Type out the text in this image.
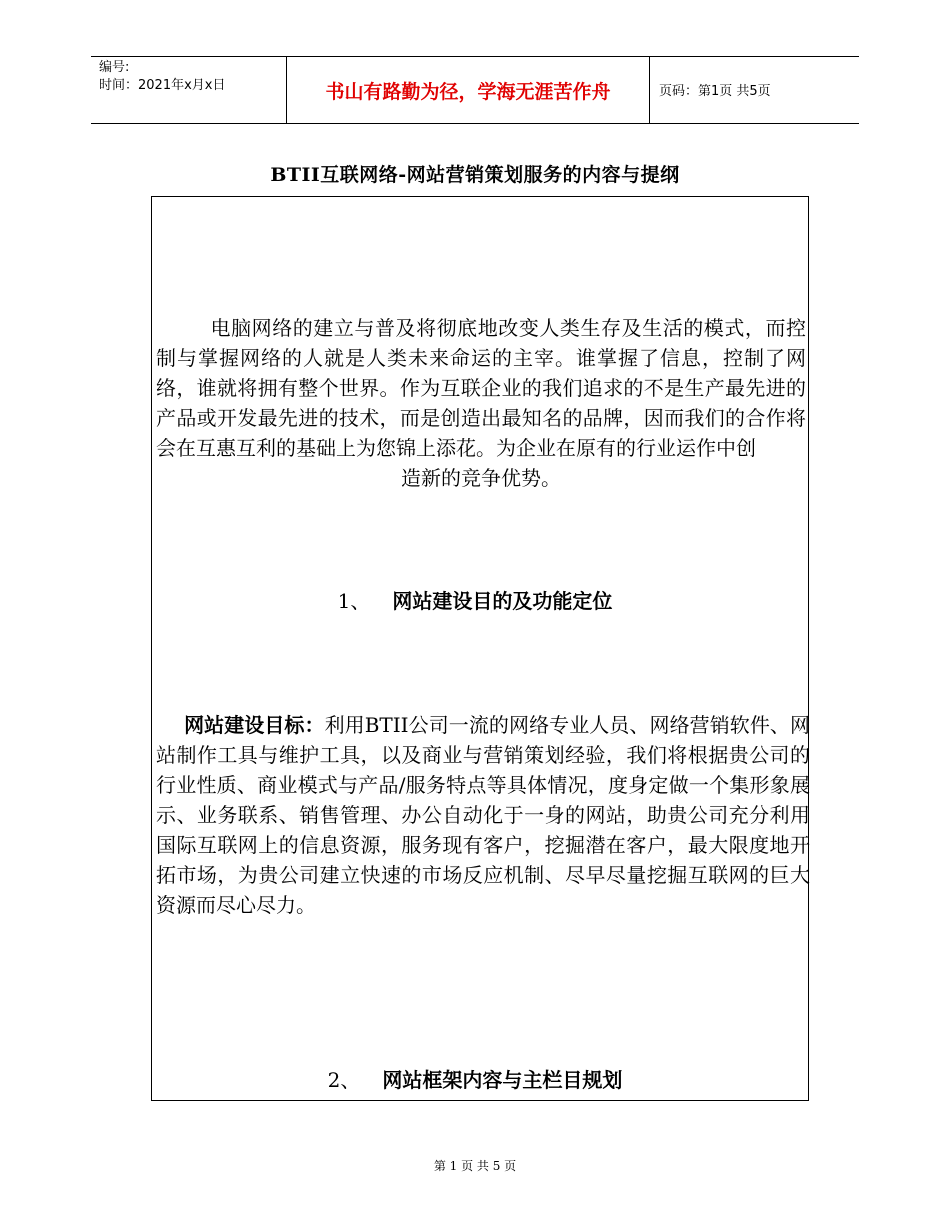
编号:
时间：2021年x月x日	书山有路勤为径，学海无涯苦作舟	页码：第1页 共5页
BTII互联网络-网站营销策划服务的内容与提纲
电脑网络的建立与普及将彻底地改变人类生存及生活的模式，而控制与掌握网络的人就是人类未来命运的主宰。谁掌握了信息，控制了网络，谁就将拥有整个世界。作为互联企业的我们追求的不是生产最先进的产品或开发最先进的技术，而是创造出最知名的品牌，因而我们的合作将会在互惠互利的基础上为您锦上添花。为企业在原有的行业运作中创
造新的竞争优势。
1、 网站建设目的及功能定位
网站建设目标：利用BTII公司一流的网络专业人员、网络营销软件、网站制作工具与维护工具，以及商业与营销策划经验，我们将根据贵公司的行业性质、商业模式与产品/服务特点等具体情况，度身定做一个集形象展示、业务联系、销售管理、办公自动化于一身的网站，助贵公司充分利用国际互联网上的信息资源，服务现有客户，挖掘潜在客户，最大限度地开拓市场，为贵公司建立快速的市场反应机制、尽早尽量挖掘互联网的巨大资源而尽心尽力。
2、 网站框架内容与主栏目规划
第 1 页 共 5 页
